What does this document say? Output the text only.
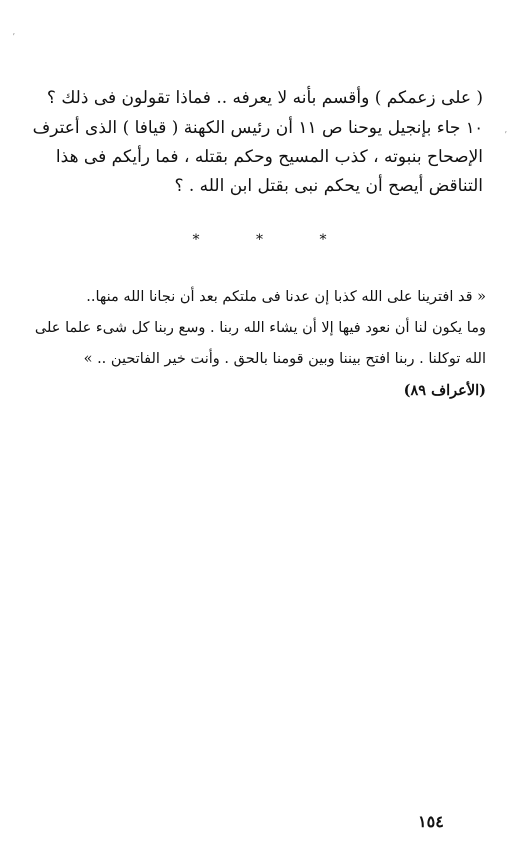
ʼ
ʼ
( على زعمكم ) وأقسم بأنه لا يعرفه .. فماذا تقولون فى ذلك ؟
١٠ جاء بإنجيل يوحنا ص ١١ أن رئيس الكهنة ( قيافا ) الذى أعترف
الإصحاح بنبوته ، كذب المسيح وحكم بقتله ، فما رأيكم فى هذا
التناقض أيصح أن يحكم نبى بقتل ابن الله . ؟
* * *
« قد افترينا على الله كذبا إن عدنا فى ملتكم بعد أن نجانا الله منها..
وما يكون لنا أن نعود فيها إلا أن يشاء الله ربنا . وسع ربنا كل شىء علما على
الله توكلنا . ربنا افتح بيننا وبين قومنا بالحق . وأنت خير الفاتحين .. »
(الأعراف ٨٩)
١٥٤
